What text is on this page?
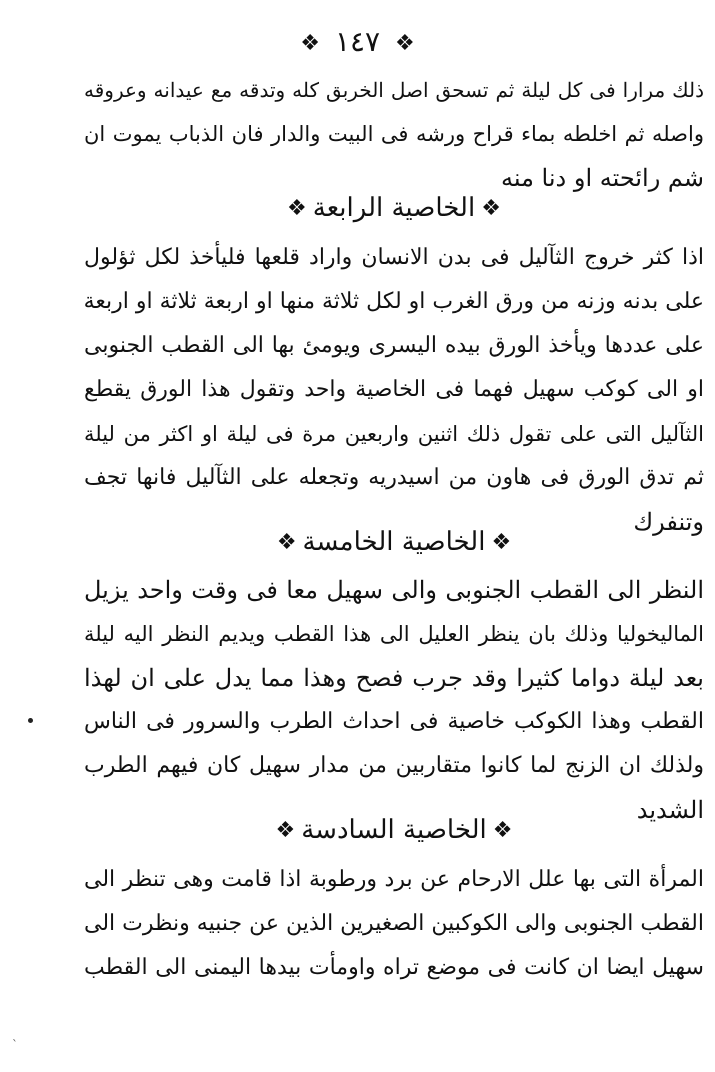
❖ ١٤٧ ❖
ذلك مرارا فى كل ليلة ثم تسحق اصل الخربق كله وتدقه مع عيدانه وعروقه
واصله ثم اخلطه بماء قراح ورشه فى البيت والدار فان الذباب يموت ان
شم رائحته او دنا منه
❖الخاصية الرابعة❖
اذا كثر خروج الثآليل فى بدن الانسان واراد قلعها فليأخذ لكل ثؤلول
على بدنه وزنه من ورق الغرب او لكل ثلاثة منها او اربعة ثلاثة او اربعة
على عددها ويأخذ الورق بيده اليسرى ويومئ بها الى القطب الجنوبى
او الى كوكب سهيل فهما فى الخاصية واحد وتقول هذا الورق يقطع
الثآليل التى على تقول ذلك اثنين واربعين مرة فى ليلة او اكثر من ليلة
ثم تدق الورق فى هاون من اسيدريه وتجعله على الثآليل فانها تجف
وتنفرك
❖الخاصية الخامسة❖
النظر الى القطب الجنوبى والى سهيل معا فى وقت واحد يزيل
الماليخوليا وذلك بان ينظر العليل الى هذا القطب ويديم النظر اليه ليلة
بعد ليلة دواما كثيرا وقد جرب فصح وهذا مما يدل على ان لهذا
القطب وهذا الكوكب خاصية فى احداث الطرب والسرور فى الناس
ولذلك ان الزنج لما كانوا متقاربين من مدار سهيل كان فيهم الطرب
الشديد
❖الخاصية السادسة❖
المرأة التى بها علل الارحام عن برد ورطوبة اذا قامت وهى تنظر الى
القطب الجنوبى والى الكوكبين الصغيرين الذين عن جنبيه ونظرت الى
سهيل ايضا ان كانت فى موضع تراه واومأت بيدها اليمنى الى القطب
`
